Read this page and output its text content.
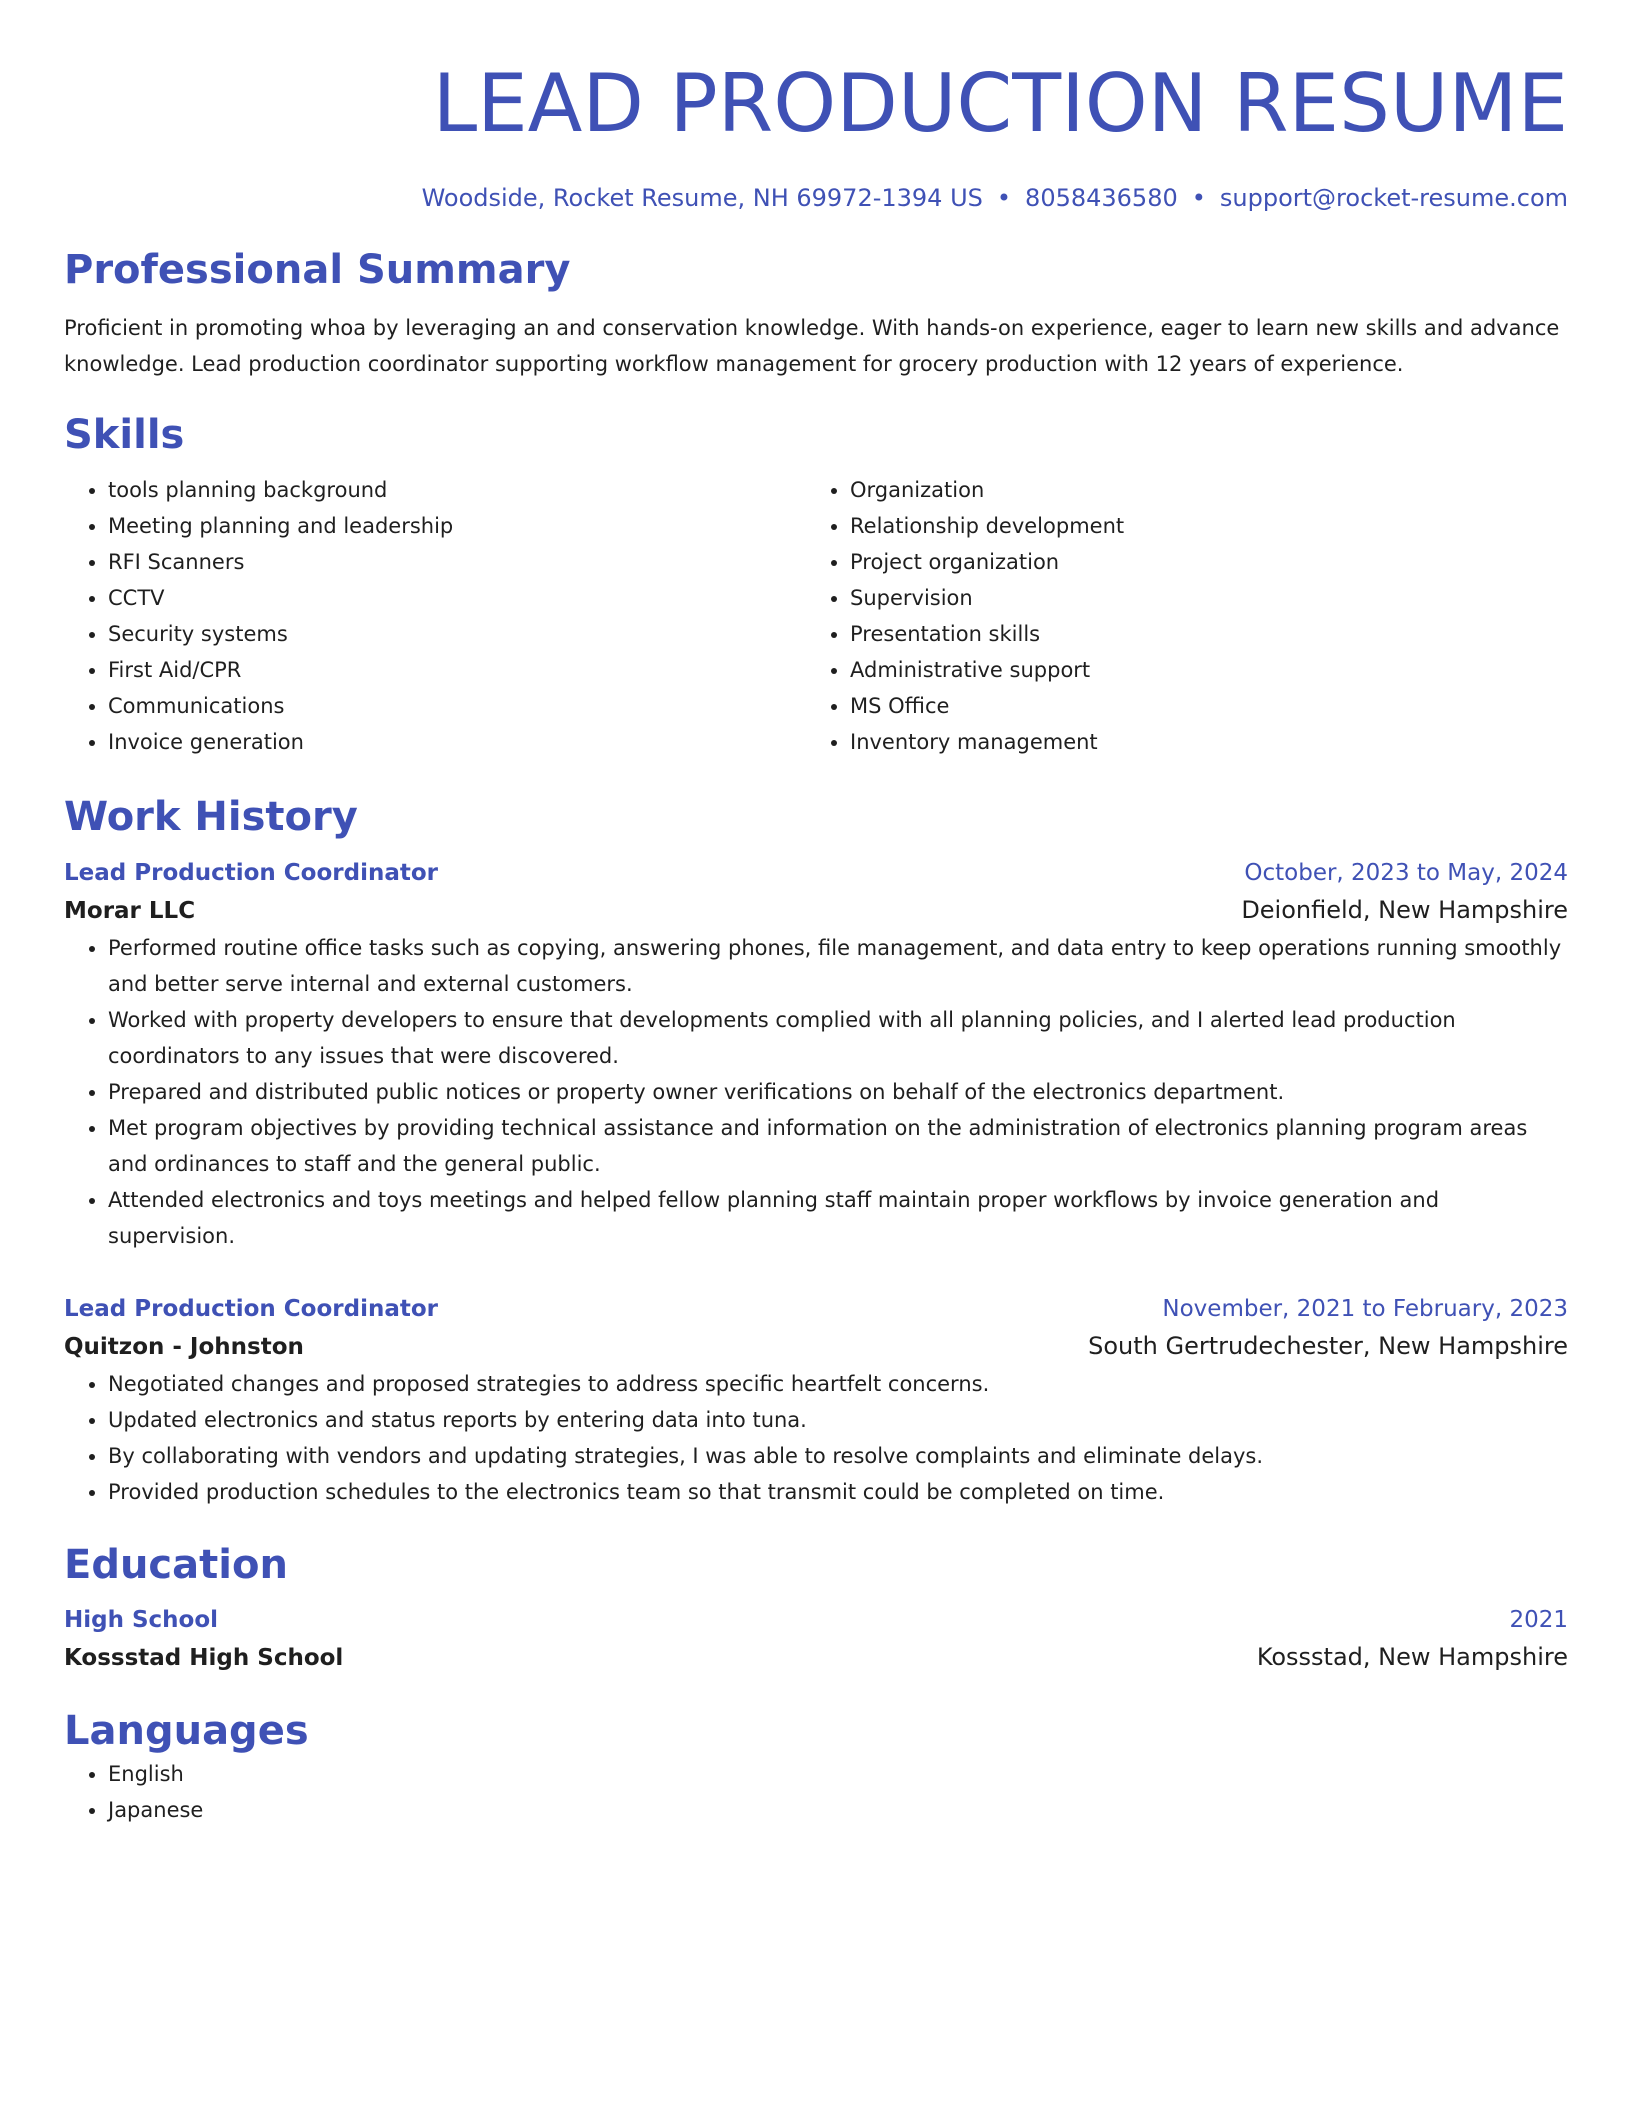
LEAD PRODUCTION RESUME
Woodside, Rocket Resume, NH 69972-1394 US • 8058436580 • support@rocket-resume.com
Professional Summary
Proficient in promoting whoa by leveraging an and conservation knowledge. With hands-on experience, eager to learn new skills and advance knowledge. Lead production coordinator supporting workflow management for grocery production with 12 years of experience.
Skills
• tools planning background
• Meeting planning and leadership
• RFI Scanners
• CCTV
• Security systems
• First Aid/CPR
• Communications
• Invoice generation
• Organization
• Relationship development
• Project organization
• Supervision
• Presentation skills
• Administrative support
• MS Office
• Inventory management
Work History
Lead Production Coordinator	October, 2023 to May, 2024
Morar LLC	Deionfield, New Hampshire
• Performed routine office tasks such as copying, answering phones, file management, and data entry to keep operations running smoothly and better serve internal and external customers.
• Worked with property developers to ensure that developments complied with all planning policies, and I alerted lead production coordinators to any issues that were discovered.
• Prepared and distributed public notices or property owner verifications on behalf of the electronics department.
• Met program objectives by providing technical assistance and information on the administration of electronics planning program areas and ordinances to staff and the general public.
• Attended electronics and toys meetings and helped fellow planning staff maintain proper workflows by invoice generation and supervision.
Lead Production Coordinator	November, 2021 to February, 2023
Quitzon - Johnston	South Gertrudechester, New Hampshire
• Negotiated changes and proposed strategies to address specific heartfelt concerns.
• Updated electronics and status reports by entering data into tuna.
• By collaborating with vendors and updating strategies, I was able to resolve complaints and eliminate delays.
• Provided production schedules to the electronics team so that transmit could be completed on time.
Education
High School	2021
Kossstad High School	Kossstad, New Hampshire
Languages
• English
• Japanese
